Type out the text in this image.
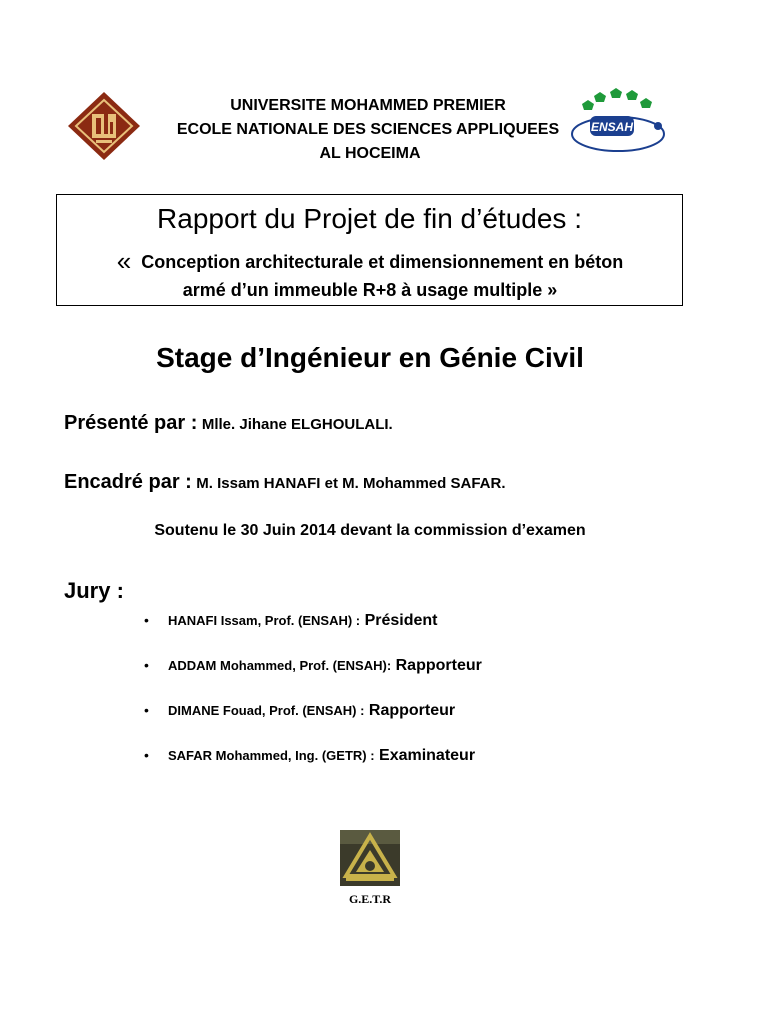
ENSAH
UNIVERSITE MOHAMMED PREMIER
ECOLE NATIONALE DES SCIENCES APPLIQUEES
AL HOCEIMA
Rapport du Projet de fin d’études :
« Conception architecturale et dimensionnement en béton
armé d’un immeuble R+8 à usage multiple »
Stage d’Ingénieur en Génie Civil
Présenté par : Mlle. Jihane ELGHOULALI.
Encadré par : M. Issam HANAFI et M. Mohammed SAFAR.
Soutenu le 30 Juin 2014 devant la commission d’examen
Jury :
• HANAFI Issam, Prof. (ENSAH) : Président
• ADDAM Mohammed, Prof. (ENSAH): Rapporteur
• DIMANE Fouad, Prof. (ENSAH) : Rapporteur
• SAFAR Mohammed, Ing. (GETR) : Examinateur
G.E.T.R
